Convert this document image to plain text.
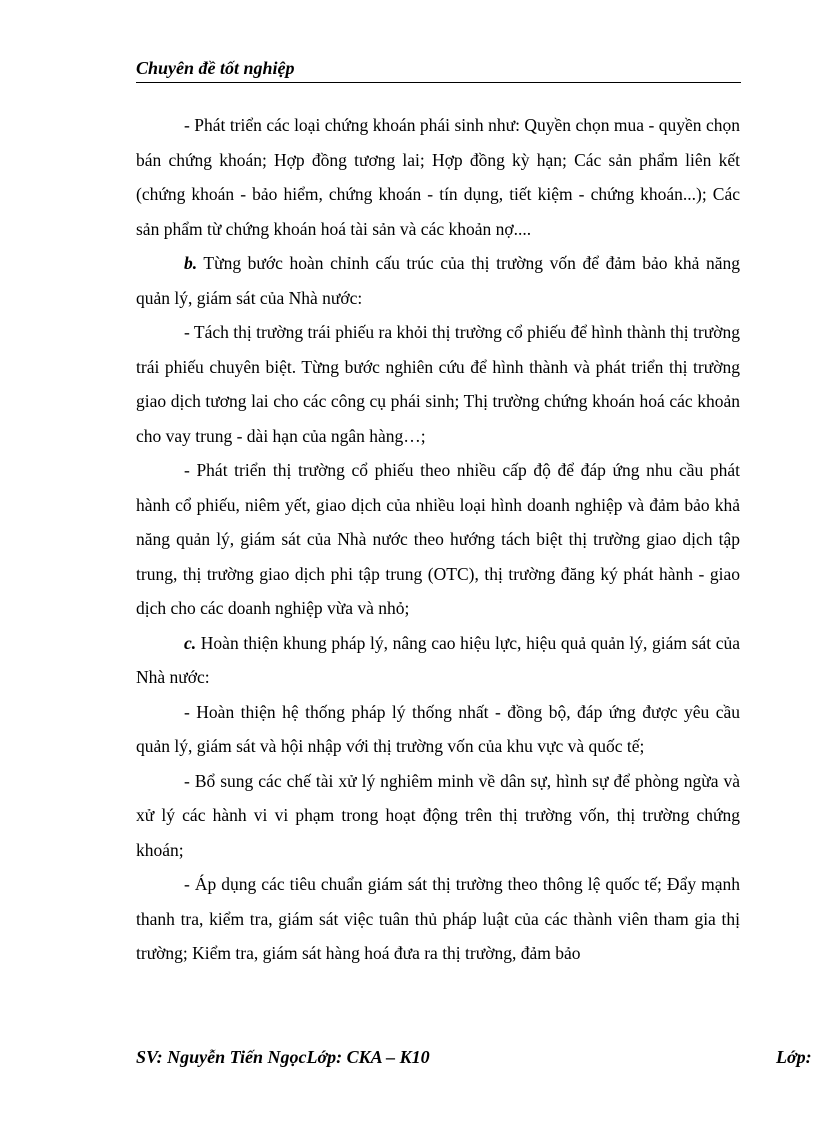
Chuyên đề tốt nghiệp

- Phát triển các loại chứng khoán phái sinh như: Quyền chọn mua - quyền chọn bán chứng khoán; Hợp đồng tương lai; Hợp đồng kỳ hạn; Các sản phẩm liên kết (chứng khoán - bảo hiểm, chứng khoán - tín dụng, tiết kiệm - chứng khoán...); Các sản phẩm từ chứng khoán hoá tài sản và các khoản nợ....

b. Từng bước hoàn chỉnh cấu trúc của thị trường vốn để đảm bảo khả năng quản lý, giám sát của Nhà nước:

- Tách thị trường trái phiếu ra khỏi thị trường cổ phiếu để hình thành thị trường trái phiếu chuyên biệt. Từng bước nghiên cứu để hình thành và phát triển thị trường giao dịch tương lai cho các công cụ phái sinh; Thị trường chứng khoán hoá các khoản cho vay trung - dài hạn của ngân hàng…;

- Phát triển thị trường cổ phiếu theo nhiều cấp độ để đáp ứng nhu cầu phát hành cổ phiếu, niêm yết, giao dịch của nhiều loại hình doanh nghiệp và đảm bảo khả năng quản lý, giám sát của Nhà nước theo hướng tách biệt thị trường giao dịch tập trung, thị trường giao dịch phi tập trung (OTC), thị trường đăng ký phát hành - giao dịch cho các doanh nghiệp vừa và nhỏ;

c. Hoàn thiện khung pháp lý, nâng cao hiệu lực, hiệu quả quản lý, giám sát của Nhà nước:

- Hoàn thiện hệ thống pháp lý thống nhất - đồng bộ, đáp ứng được yêu cầu quản lý, giám sát và hội nhập với thị trường vốn của khu vực và quốc tế;

- Bổ sung các chế tài xử lý nghiêm minh về dân sự, hình sự để phòng ngừa và xử lý các hành vi vi phạm trong hoạt động trên thị trường vốn, thị trường chứng khoán;

- Áp dụng các tiêu chuẩn giám sát thị trường theo thông lệ quốc tế; Đẩy mạnh thanh tra, kiểm tra, giám sát việc tuân thủ pháp luật của các thành viên tham gia thị trường; Kiểm tra, giám sát hàng hoá đưa ra thị trường, đảm bảo

SV: Nguyễn Tiến NgọcLớp: CKA – K10	Lớp:
